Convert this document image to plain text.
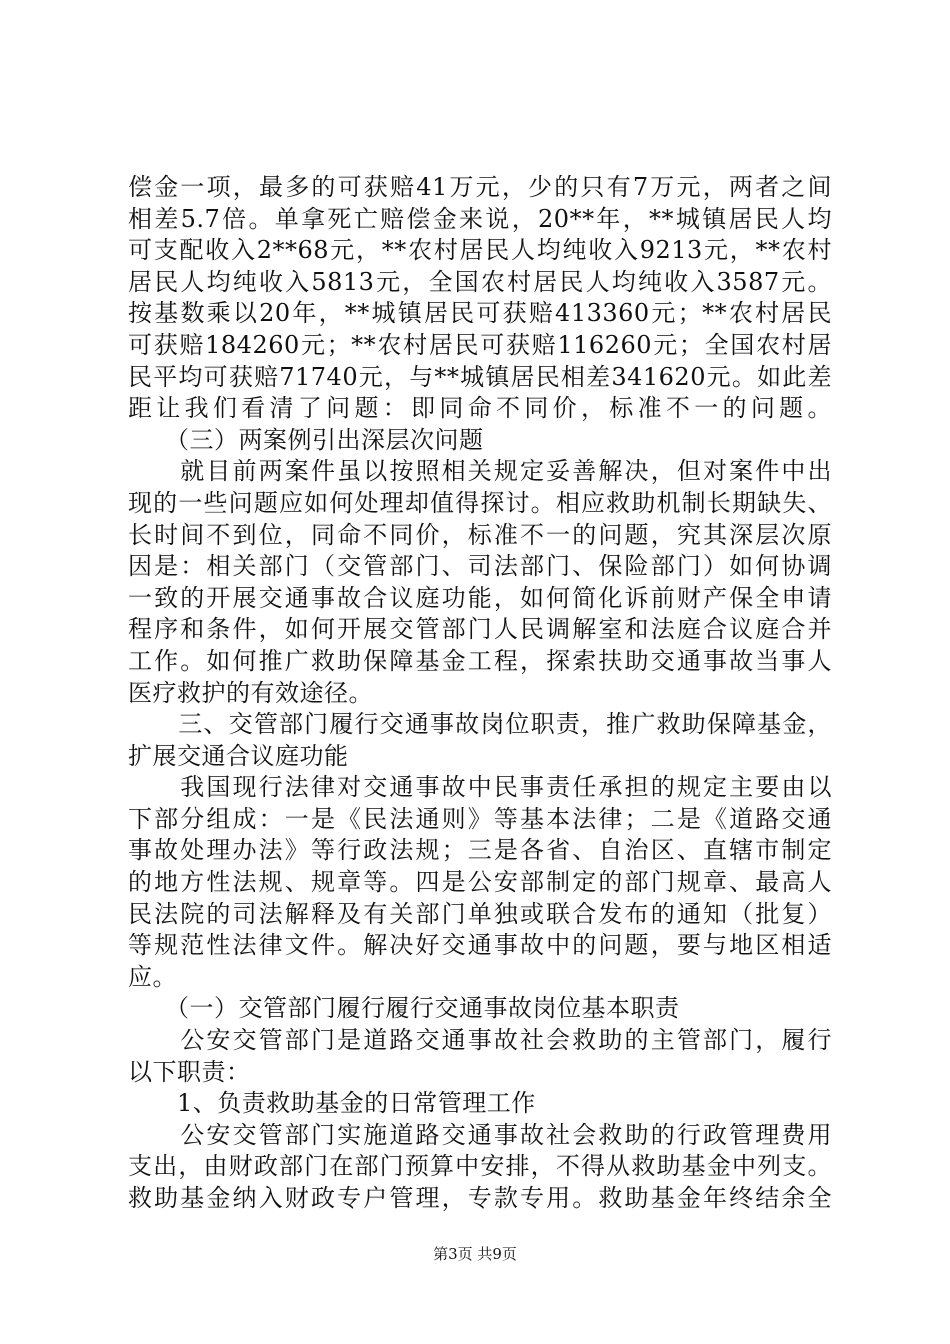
偿金一项，最多的可获赔41万元，少的只有7万元，两者之间
相差5.7倍。单拿死亡赔偿金来说，20**年，**城镇居民人均
可支配收入2**68元，**农村居民人均纯收入9213元，**农村
居民人均纯收入5813元，全国农村居民人均纯收入3587元。
按基数乘以20年，**城镇居民可获赔413360元；**农村居民
可获赔184260元；**农村居民可获赔116260元；全国农村居
民平均可获赔71740元，与**城镇居民相差341620元。如此差
距让我们看清了问题：即同命不同价，标准不一的问题。
　　（三）两案例引出深层次问题
　　就目前两案件虽以按照相关规定妥善解决，但对案件中出
现的一些问题应如何处理却值得探讨。相应救助机制长期缺失、
长时间不到位，同命不同价，标准不一的问题，究其深层次原
因是：相关部门（交管部门、司法部门、保险部门）如何协调
一致的开展交通事故合议庭功能，如何简化诉前财产保全申请
程序和条件，如何开展交管部门人民调解室和法庭合议庭合并
工作。如何推广救助保障基金工程，探索扶助交通事故当事人
医疗救护的有效途径。
　　三、交管部门履行交通事故岗位职责，推广救助保障基金，
扩展交通合议庭功能
　　我国现行法律对交通事故中民事责任承担的规定主要由以
下部分组成：一是《民法通则》等基本法律；二是《道路交通
事故处理办法》等行政法规；三是各省、自治区、直辖市制定
的地方性法规、规章等。四是公安部制定的部门规章、最高人
民法院的司法解释及有关部门单独或联合发布的通知（批复）
等规范性法律文件。解决好交通事故中的问题，要与地区相适
应。
　　（一）交管部门履行履行交通事故岗位基本职责
　　公安交管部门是道路交通事故社会救助的主管部门，履行
以下职责：
　　1、负责救助基金的日常管理工作
　　公安交管部门实施道路交通事故社会救助的行政管理费用
支出，由财政部门在部门预算中安排，不得从救助基金中列支。
救助基金纳入财政专户管理，专款专用。救助基金年终结余全
第3页 共9页
